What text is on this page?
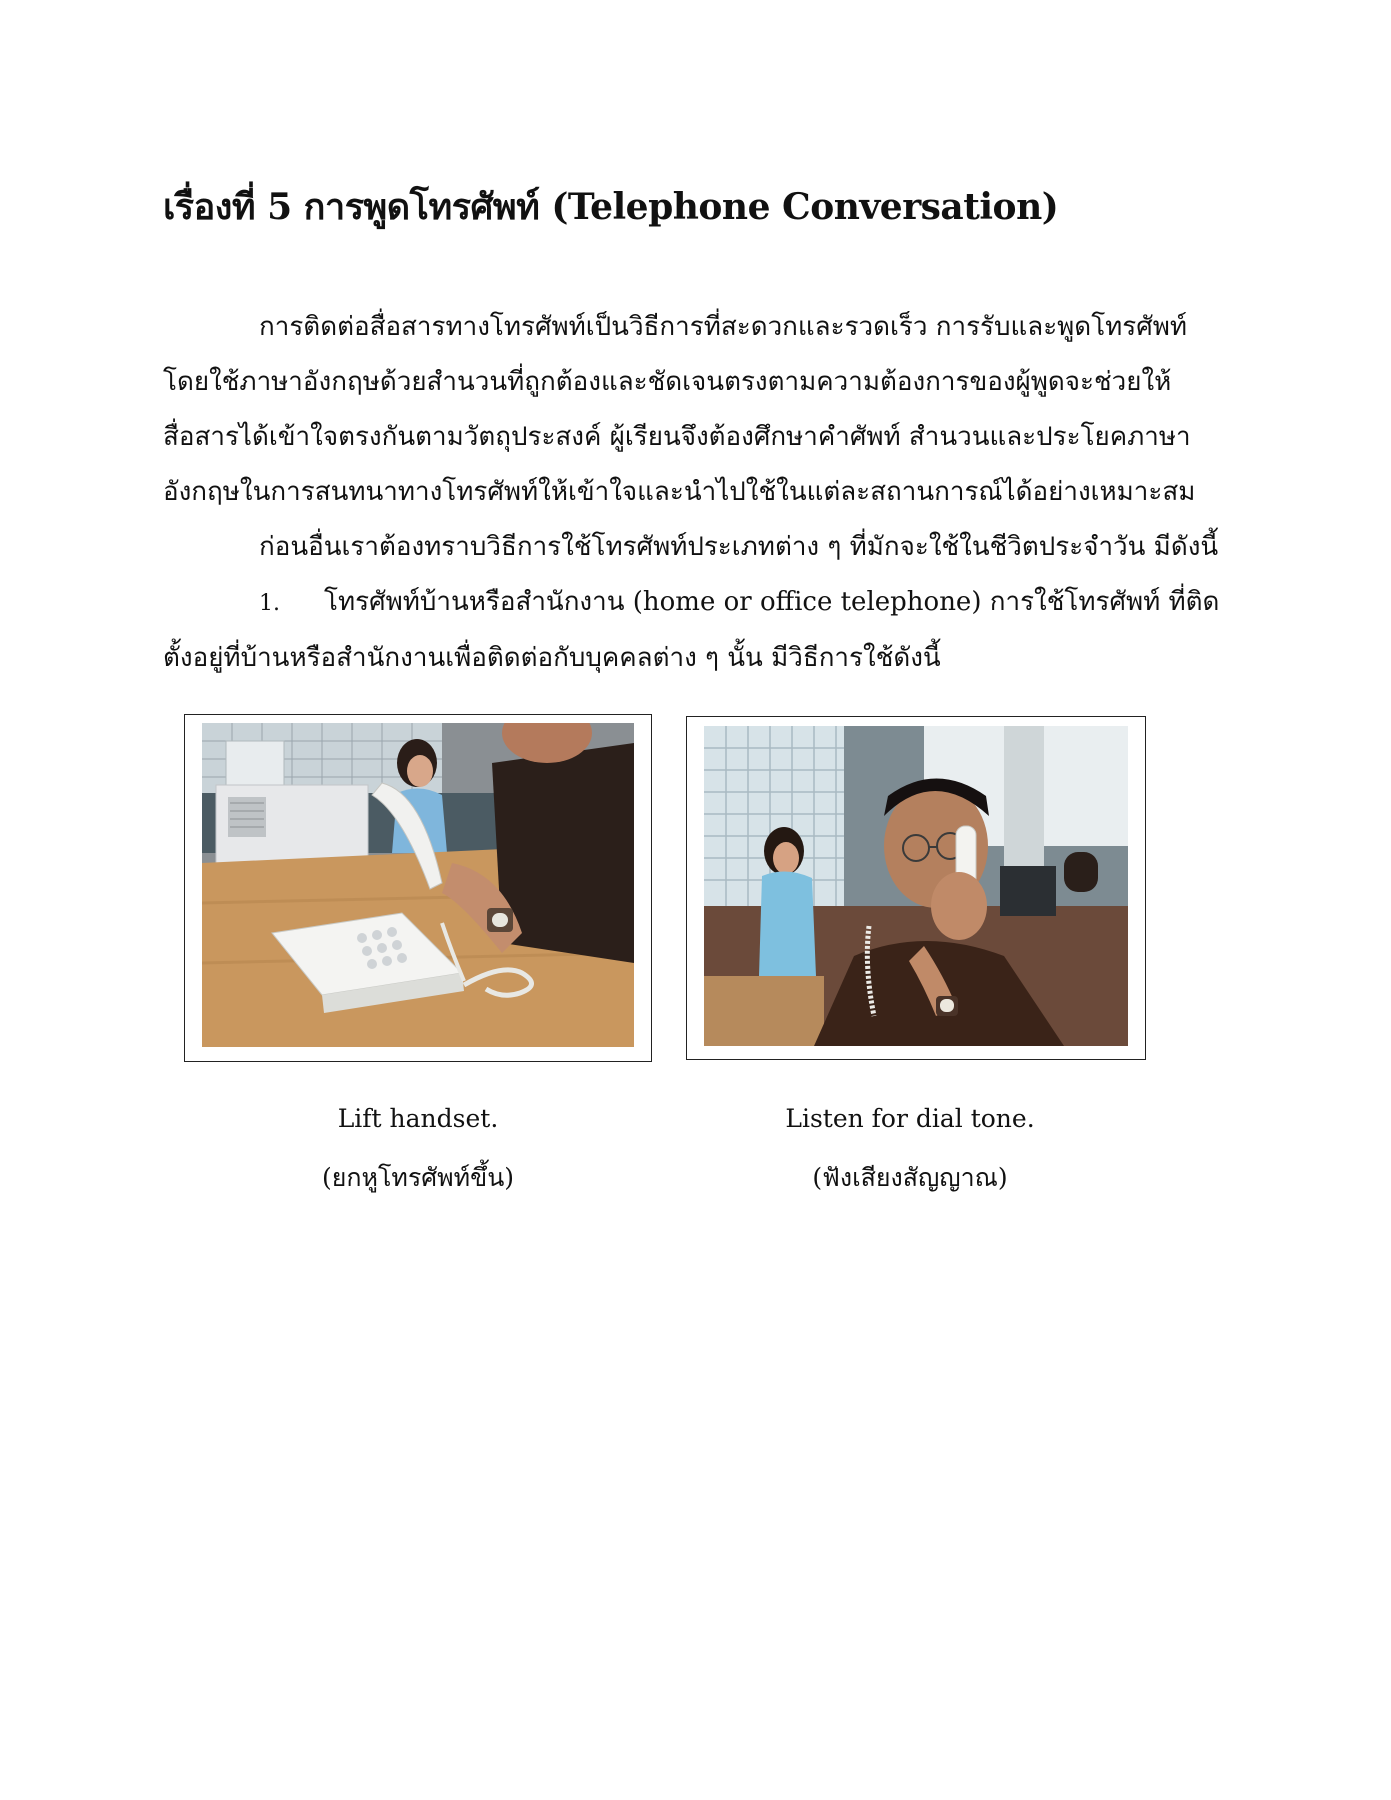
เรื่องที่ 5 การพูดโทรศัพท์ (Telephone Conversation)

การติดต่อสื่อสารทางโทรศัพท์เป็นวิธีการที่สะดวกและรวดเร็ว การรับและพูดโทรศัพท์โดยใช้ภาษาอังกฤษด้วยสำนวนที่ถูกต้องและชัดเจนตรงตามความต้องการของผู้พูดจะช่วยให้สื่อสารได้เข้าใจตรงกันตามวัตถุประสงค์ ผู้เรียนจึงต้องศึกษาคำศัพท์ สำนวนและประโยคภาษาอังกฤษในการสนทนาทางโทรศัพท์ให้เข้าใจและนำไปใช้ในแต่ละสถานการณ์ได้อย่างเหมาะสม

ก่อนอื่นเราต้องทราบวิธีการใช้โทรศัพท์ประเภทต่าง ๆ ที่มักจะใช้ในชีวิตประจำวัน มีดังนี้

1. โทรศัพท์บ้านหรือสำนักงาน (home or office telephone) การใช้โทรศัพท์ ที่ติดตั้งอยู่ที่บ้านหรือสำนักงานเพื่อติดต่อกับบุคคลต่าง ๆ นั้น มีวิธีการใช้ดังนี้

Lift handset.
(ยกหูโทรศัพท์ขึ้น)
Listen for dial tone.
(ฟังเสียงสัญญาณ)
